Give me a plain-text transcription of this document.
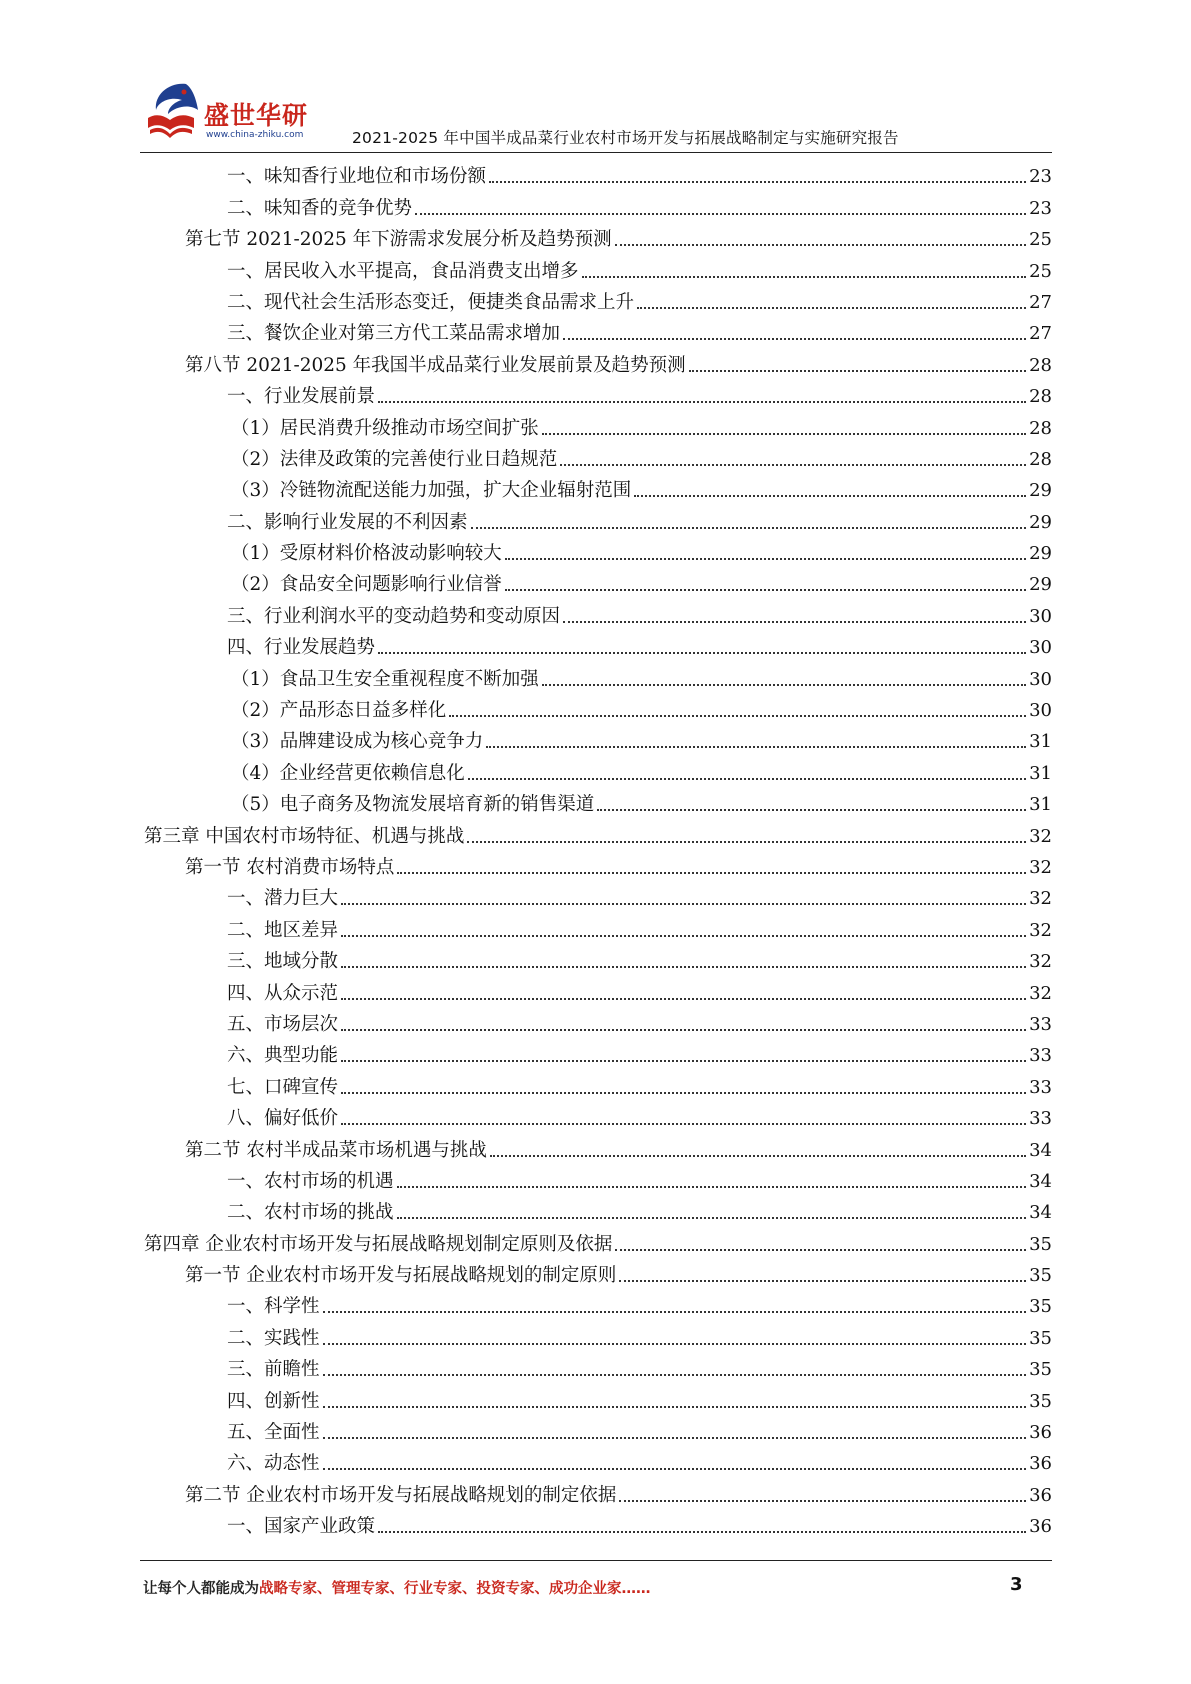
盛世华研
www.china-zhiku.com	2021-2025 年中国半成品菜行业农村市场开发与拓展战略制定与实施研究报告
一、味知香行业地位和市场份额	23
二、味知香的竞争优势	23
第七节 2021-2025 年下游需求发展分析及趋势预测	25
一、居民收入水平提高，食品消费支出增多	25
二、现代社会生活形态变迁，便捷类食品需求上升	27
三、餐饮企业对第三方代工菜品需求增加	27
第八节 2021-2025 年我国半成品菜行业发展前景及趋势预测	28
一、行业发展前景	28
（1）居民消费升级推动市场空间扩张	28
（2）法律及政策的完善使行业日趋规范	28
（3）冷链物流配送能力加强，扩大企业辐射范围	29
二、影响行业发展的不利因素	29
（1）受原材料价格波动影响较大	29
（2）食品安全问题影响行业信誉	29
三、行业利润水平的变动趋势和变动原因	30
四、行业发展趋势	30
（1）食品卫生安全重视程度不断加强	30
（2）产品形态日益多样化	30
（3）品牌建设成为核心竞争力	31
（4）企业经营更依赖信息化	31
（5）电子商务及物流发展培育新的销售渠道	31
第三章 中国农村市场特征、机遇与挑战	32
第一节 农村消费市场特点	32
一、潜力巨大	32
二、地区差异	32
三、地域分散	32
四、从众示范	32
五、市场层次	33
六、典型功能	33
七、口碑宣传	33
八、偏好低价	33
第二节 农村半成品菜市场机遇与挑战	34
一、农村市场的机遇	34
二、农村市场的挑战	34
第四章 企业农村市场开发与拓展战略规划制定原则及依据	35
第一节 企业农村市场开发与拓展战略规划的制定原则	35
一、科学性	35
二、实践性	35
三、前瞻性	35
四、创新性	35
五、全面性	36
六、动态性	36
第二节 企业农村市场开发与拓展战略规划的制定依据	36
一、国家产业政策	36
让每个人都能成为战略专家、管理专家、行业专家、投资专家、成功企业家……	3
